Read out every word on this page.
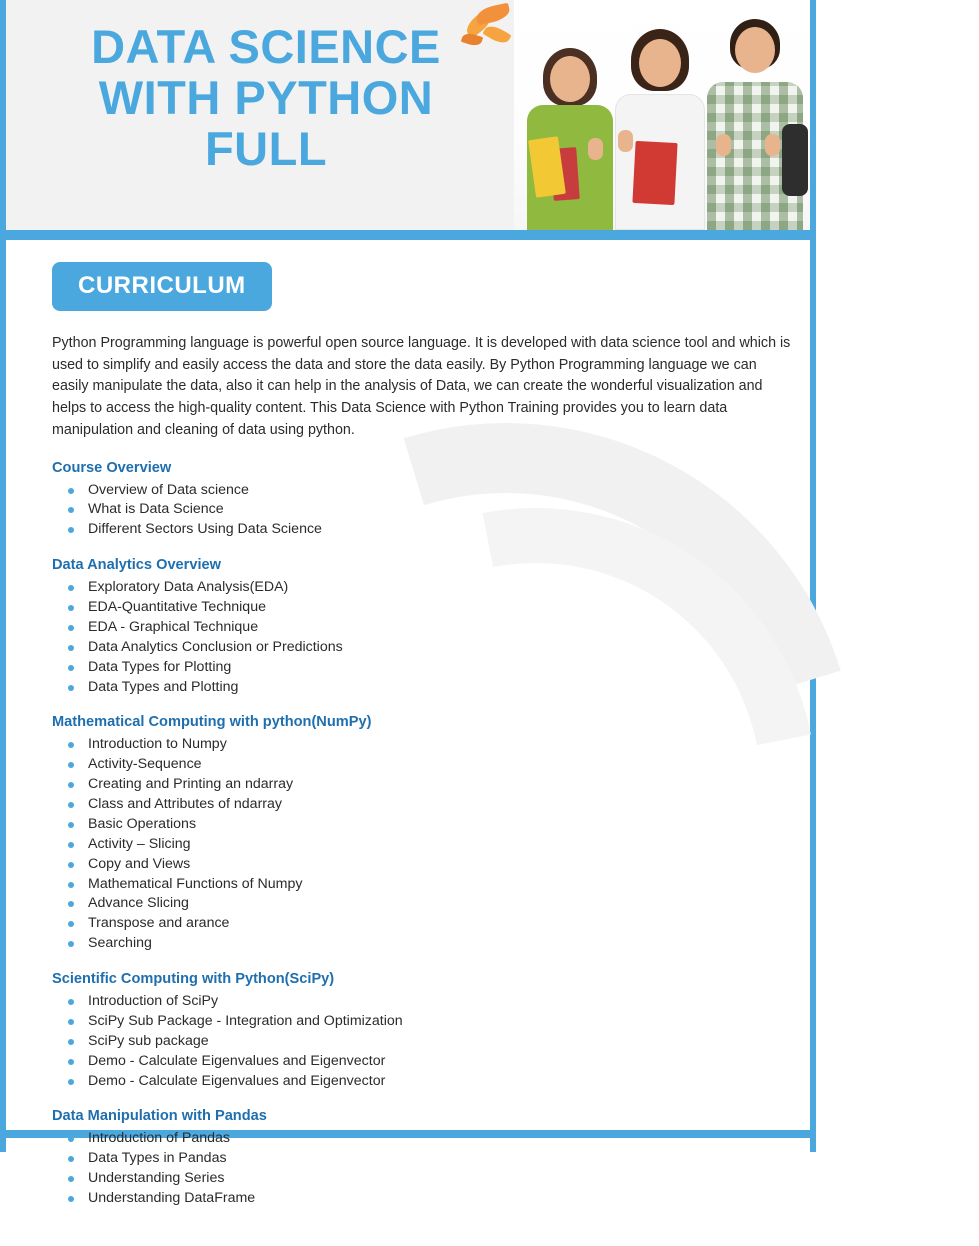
DATA SCIENCE
WITH PYTHON
FULL
CURRICULUM

Python Programming language is powerful open source language. It is developed with data science tool and which is used to simplify and easily access the data and store the data easily. By Python Programming language we can easily manipulate the data, also it can help in the analysis of Data, we can create the wonderful visualization and helps to access the high-quality content. This Data Science with Python Training provides you to learn data manipulation and cleaning of data using python.

Course Overview
Overview of Data science
What is Data Science
Different Sectors Using Data Science
Data Analytics Overview
Exploratory Data Analysis(EDA)
EDA-Quantitative Technique
EDA - Graphical Technique
Data Analytics Conclusion or Predictions
Data Types for Plotting
Data Types and Plotting
Mathematical Computing with python(NumPy)
Introduction to Numpy
Activity-Sequence
Creating and Printing an ndarray
Class and Attributes of ndarray
Basic Operations
Activity – Slicing
Copy and Views
Mathematical Functions of Numpy
Advance Slicing
Transpose and arance
Searching
Scientific Computing with Python(SciPy)
Introduction of SciPy
SciPy Sub Package - Integration and Optimization
SciPy sub package
Demo - Calculate Eigenvalues and Eigenvector
Demo - Calculate Eigenvalues and Eigenvector
Data Manipulation with Pandas
Introduction of Pandas
Data Types in Pandas
Understanding Series
Understanding DataFrame
